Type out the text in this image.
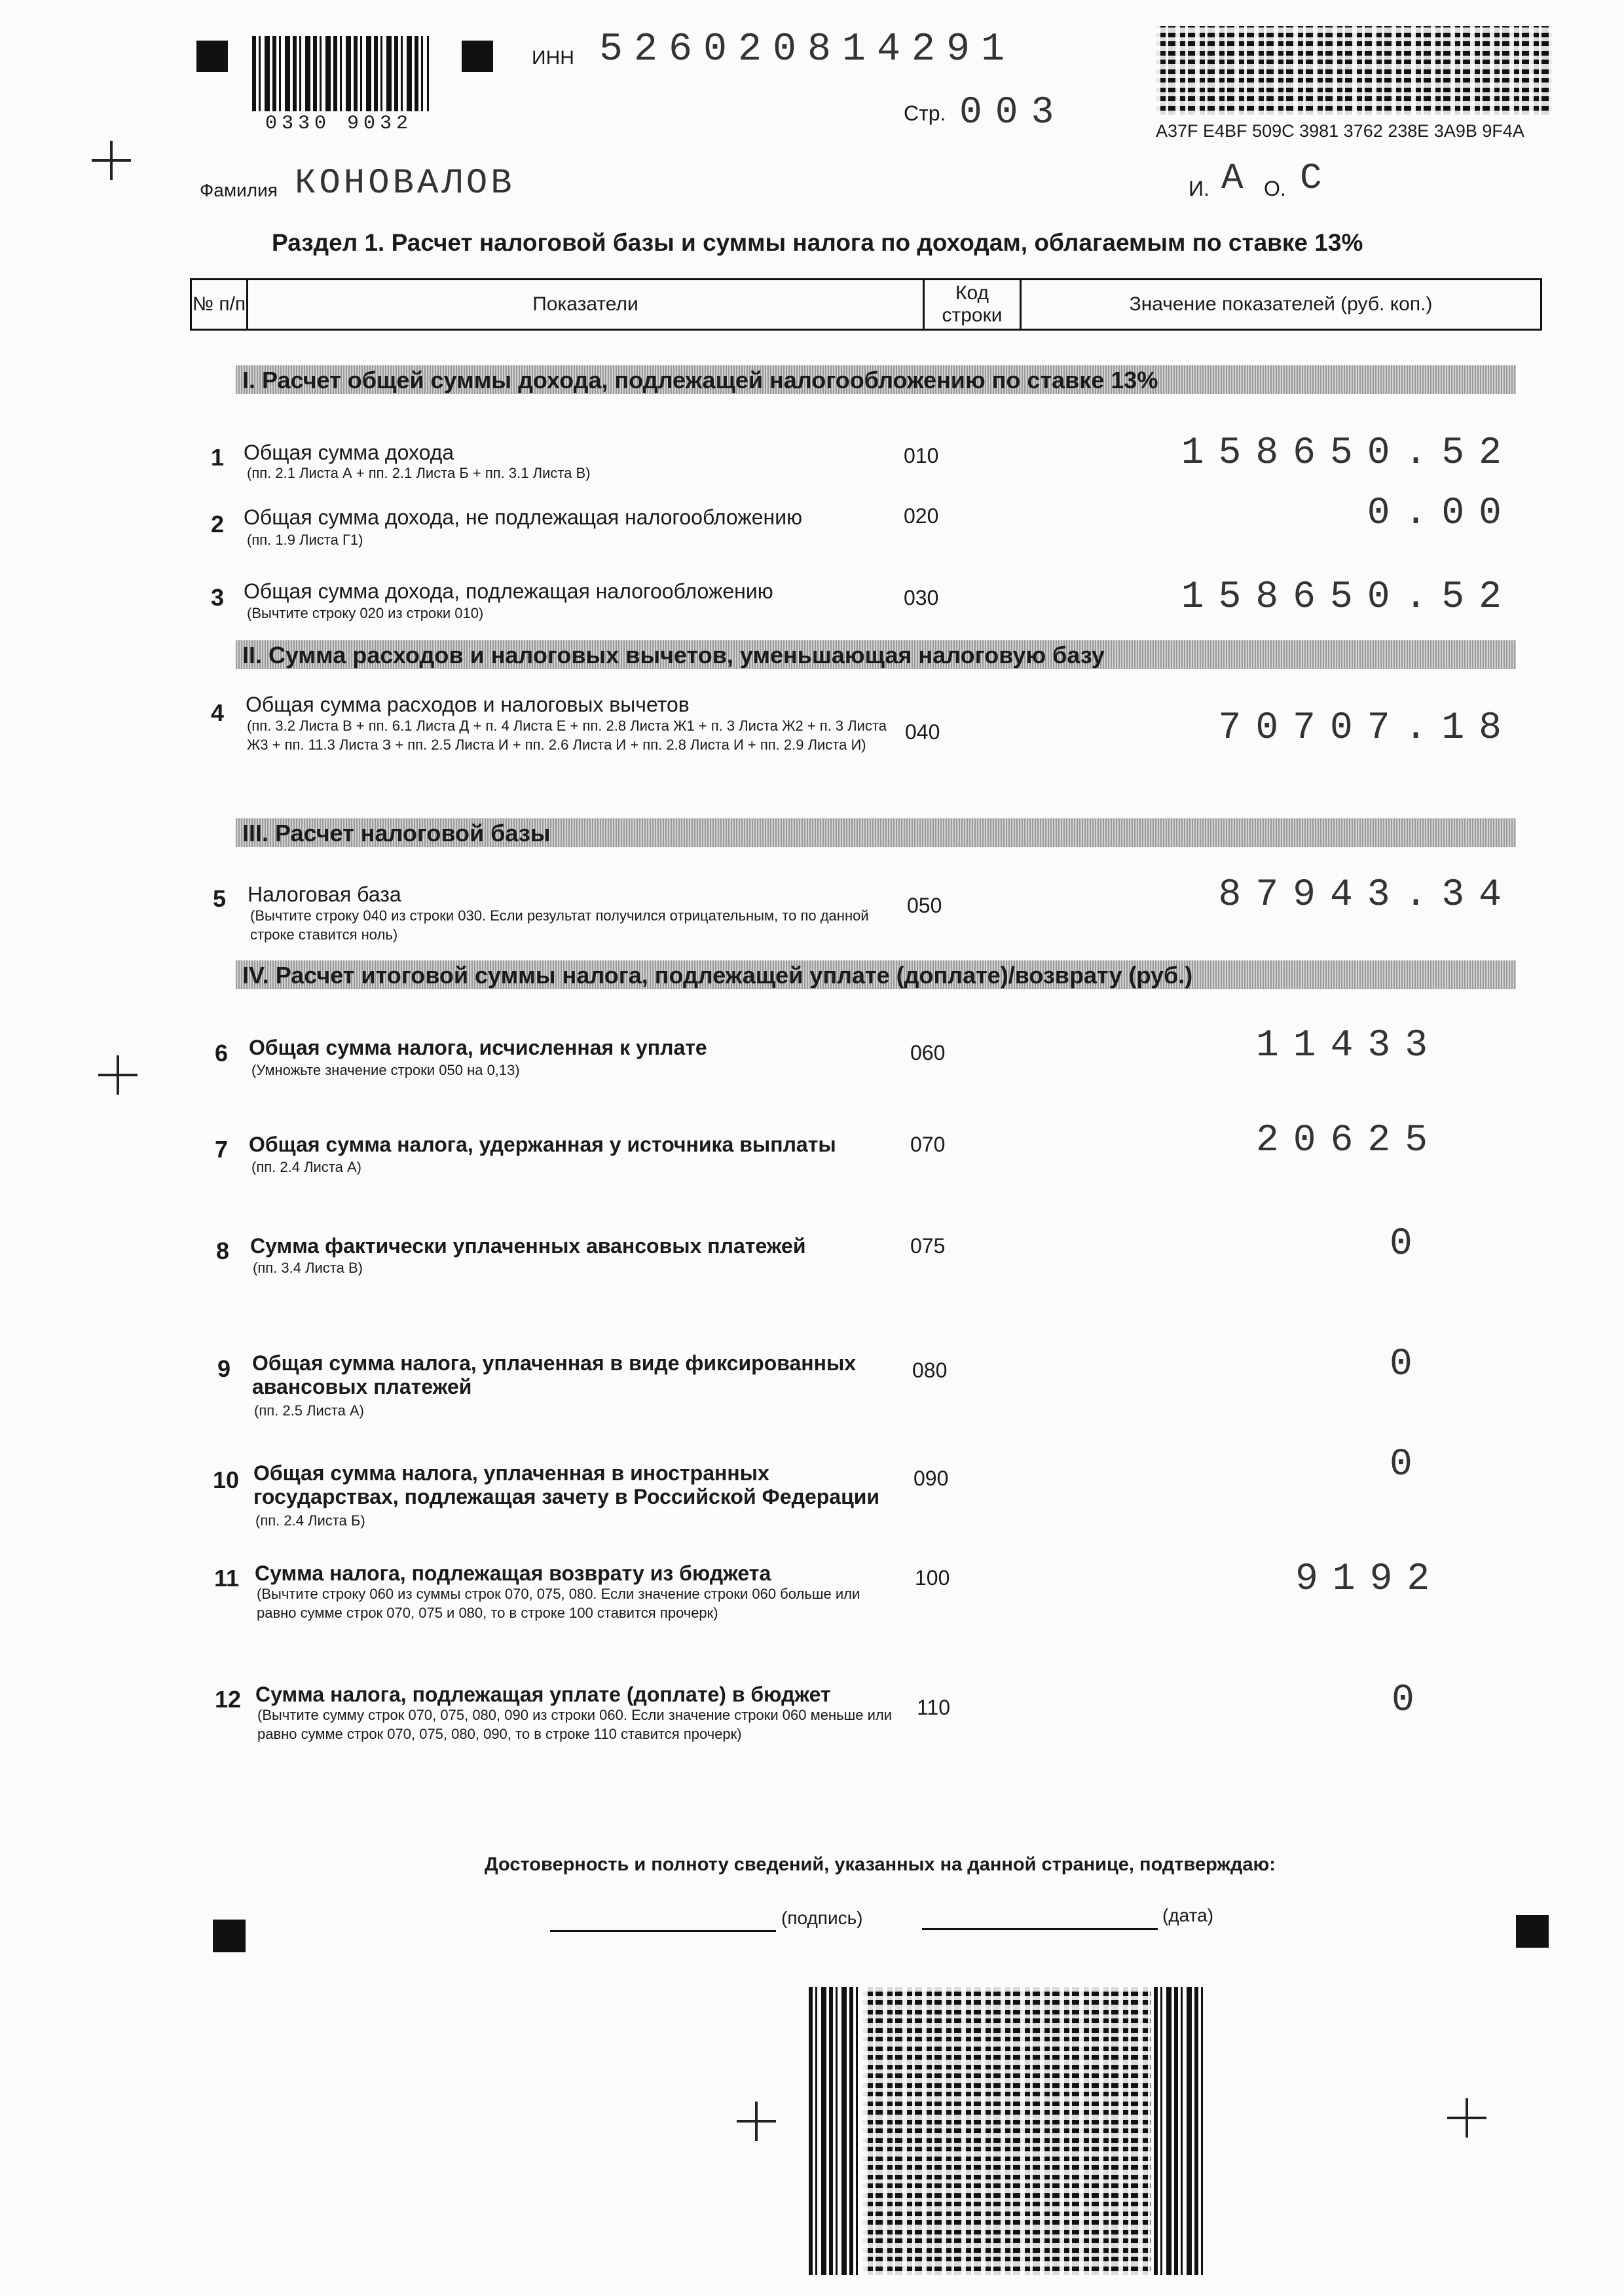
0330 9032
ИНН 526020814291
Стр. 003	A37F E4BF 509C 3981 3762 238E 3A9B 9F4A
Фамилия КОНОВАЛОВ	И. А О. С
Раздел 1. Расчет налоговой базы и суммы налога по доходам, облагаемым по ставке 13%
№ п/п	Показатели
Код строки
Значение показателей (руб. коп.)
I. Расчет общей суммы дохода, подлежащей налогообложению по ставке 13%
II. Сумма расходов и налоговых вычетов, уменьшающая налоговую базу
III. Расчет налоговой базы
IV. Расчет итоговой суммы налога, подлежащей уплате (доплате)/возврату (руб.)
1 Общая сумма дохода
(пп. 2.1 Листа А + пп. 2.1 Листа Б + пп. 3.1 Листа В)
010	158650.52
2 Общая сумма дохода, не подлежащая налогообложению
(пп. 1.9 Листа Г1)
020	0.00
3 Общая сумма дохода, подлежащая налогообложению
(Вычтите строку 020 из строки 010)
030	158650.52
4 Общая сумма расходов и налоговых вычетов
(пп. 3.2 Листа В + пп. 6.1 Листа Д + п. 4 Листа Е + пп. 2.8 Листа Ж1 + п. 3 Листа Ж2 + п. 3 Листа Ж3 + пп. 11.3 Листа З + пп. 2.5 Листа И + пп. 2.6 Листа И + пп. 2.8 Листа И + пп. 2.9 Листа И)
040	70707.18
5 Налоговая база
(Вычтите строку 040 из строки 030. Если результат получился отрицательным, то по данной строке ставится ноль)
050	87943.34
6 Общая сумма налога, исчисленная к уплате
(Умножьте значение строки 050 на 0,13)
060	11433
7 Общая сумма налога, удержанная у источника выплаты
(пп. 2.4 Листа А)
070	20625
8 Сумма фактически уплаченных авансовых платежей
(пп. 3.4 Листа В)
075	0
9 Общая сумма налога, уплаченная в виде фиксированных авансовых платежей
(пп. 2.5 Листа А)
080	0
10 Общая сумма налога, уплаченная в иностранных государствах, подлежащая зачету в Российской Федерации
(пп. 2.4 Листа Б)
090	0
11 Сумма налога, подлежащая возврату из бюджета
(Вычтите строку 060 из суммы строк 070, 075, 080. Если значение строки 060 больше или равно сумме строк 070, 075 и 080, то в строке 100 ставится прочерк)
100	9192
12 Сумма налога, подлежащая уплате (доплате) в бюджет
(Вычтите сумму строк 070, 075, 080, 090 из строки 060. Если значение строки 060 меньше или равно сумме строк 070, 075, 080, 090, то в строке 110 ставится прочерк)
110	0
Достоверность и полноту сведений, указанных на данной странице, подтверждаю:
(подпись)	(дата)
